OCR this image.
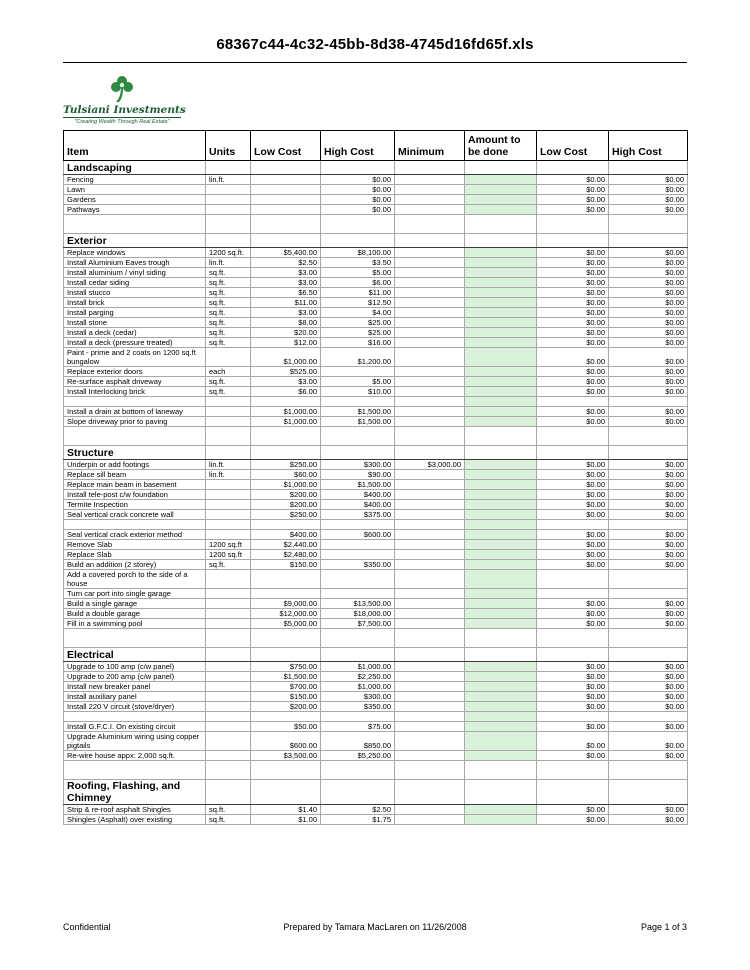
68367c44-4c32-45bb-8d38-4745d16fd65f.xls
Tulsiani Investments
"Creating Wealth Through Real Estate"
Item	Units	Low Cost	High Cost	Minimum	Amount to be done	Low Cost	High Cost
Landscaping							
Fencing	lin.ft.		$0.00			$0.00	$0.00
Lawn			$0.00			$0.00	$0.00
Gardens			$0.00			$0.00	$0.00
Pathways			$0.00			$0.00	$0.00

Exterior							
Replace windows	1200 sq.ft.	$5,400.00	$8,100.00			$0.00	$0.00
Install Aluminium Eaves trough	lin.ft.	$2.50	$3.50			$0.00	$0.00
Install aluminium / vinyl siding	sq.ft.	$3.00	$5.00			$0.00	$0.00
Install cedar siding	sq.ft.	$3.00	$6.00			$0.00	$0.00
Install stucco	sq.ft.	$6.50	$11.00			$0.00	$0.00
Install brick	sq.ft.	$11.00	$12.50			$0.00	$0.00
Install parging	sq.ft.	$3.00	$4.00			$0.00	$0.00
Install stone	sq.ft.	$8.00	$25.00			$0.00	$0.00
Install a deck (cedar)	sq.ft.	$20.00	$25.00			$0.00	$0.00
Install a deck (pressure treated)	sq.ft.	$12.00	$16.00			$0.00	$0.00
Paint - prime and 2 coats on 1200 sq.ft bungalow		$1,000.00	$1,200.00			$0.00	$0.00
Replace exterior doors	each	$525.00				$0.00	$0.00
Re-surface asphalt driveway	sq.ft.	$3.00	$5.00			$0.00	$0.00
Install Interlocking brick	sq.ft.	$6.00	$10.00			$0.00	$0.00

Install a drain at bottom of laneway		$1,000.00	$1,500.00			$0.00	$0.00
Slope driveway prior to paving		$1,000.00	$1,500.00			$0.00	$0.00

Structure							
Underpin or add footings	lin.ft.	$250.00	$300.00	$3,000.00		$0.00	$0.00
Replace sill beam	lin.ft.	$60.00	$90.00			$0.00	$0.00
Replace main beam in basement		$1,000.00	$1,500.00			$0.00	$0.00
Install tele-post c/w foundation		$200.00	$400.00			$0.00	$0.00
Termite Inspection		$200.00	$400.00			$0.00	$0.00
Seal vertical crack concrete wall		$250.00	$375.00			$0.00	$0.00

Seal vertical crack exterior method		$400.00	$600.00			$0.00	$0.00
Remove Slab	1200 sq.ft	$2,440.00				$0.00	$0.00
Replace Slab	1200 sq.ft	$2,480.00				$0.00	$0.00
Build an addition (2 storey)	sq.ft.	$150.00	$350.00			$0.00	$0.00
Add a covered porch to the side of a house							
Turn car port into single garage							
Build a single garage		$9,000.00	$13,500.00			$0.00	$0.00
Build a double garage		$12,000.00	$18,000.00			$0.00	$0.00
Fill in a swimming pool		$5,000.00	$7,500.00			$0.00	$0.00

Electrical							
Upgrade to 100 amp (c/w panel)		$750.00	$1,000.00			$0.00	$0.00
Upgrade to 200 amp (c/w panel)		$1,500.00	$2,250.00			$0.00	$0.00
Install new breaker panel		$700.00	$1,000.00			$0.00	$0.00
Install auxiliary panel		$150.00	$300.00			$0.00	$0.00
Install 220 V circuit (stove/dryer)		$200.00	$350.00			$0.00	$0.00

Install G.F.C.I. On existing circuit		$50.00	$75.00			$0.00	$0.00
Upgrade Aluminium wiring using copper pigtails		$600.00	$850.00			$0.00	$0.00
Re-wire house appx: 2,000 sq.ft.		$3,500.00	$5,250.00			$0.00	$0.00

Roofing, Flashing, and Chimney							
Strip & re-roof asphalt Shingles	sq.ft.	$1.40	$2.50			$0.00	$0.00
Shingles (Asphalt) over existing	sq.ft.	$1.00	$1.75			$0.00	$0.00
Confidential	Prepared by Tamara MacLaren on 11/26/2008	Page 1 of 3
